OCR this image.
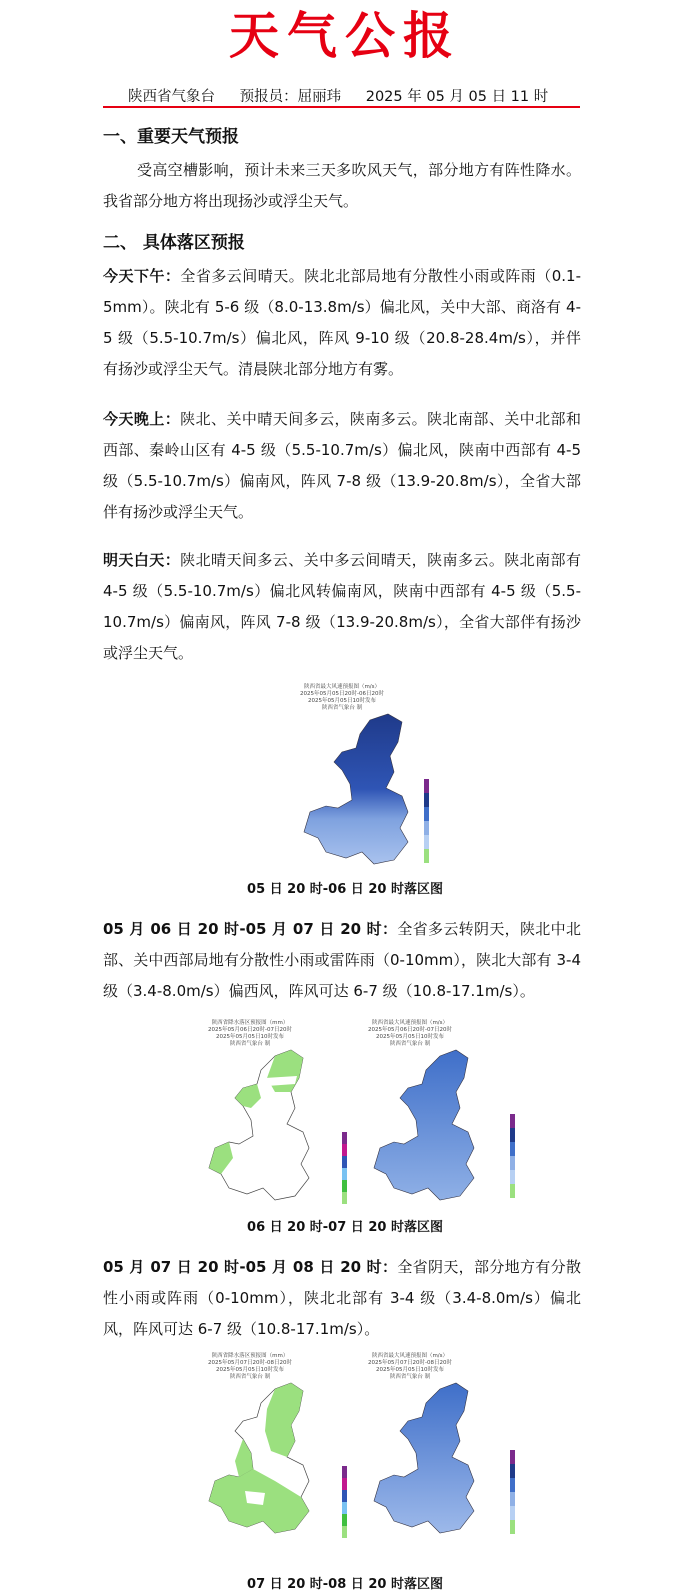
天气公报
陕西省气象台 预报员：屈丽玮 2025 年 05 月 05 日 11 时
一、重要天气预报
受高空槽影响，预计未来三天多吹风天气，部分地方有阵性降水。我省部分地方将出现扬沙或浮尘天气。
二、 具体落区预报
今天下午：全省多云间晴天。陕北北部局地有分散性小雨或阵雨（0.1-5mm）。陕北有 5-6 级（8.0-13.8m/s）偏北风，关中大部、商洛有 4-5 级（5.5-10.7m/s）偏北风，阵风 9-10 级（20.8-28.4m/s），并伴有扬沙或浮尘天气。清晨陕北部分地方有雾。
今天晚上：陕北、关中晴天间多云，陕南多云。陕北南部、关中北部和西部、秦岭山区有 4-5 级（5.5-10.7m/s）偏北风，陕南中西部有 4-5 级（5.5-10.7m/s）偏南风，阵风 7-8 级（13.9-20.8m/s），全省大部伴有扬沙或浮尘天气。
明天白天：陕北晴天间多云、关中多云间晴天，陕南多云。陕北南部有 4-5 级（5.5-10.7m/s）偏北风转偏南风，陕南中西部有 4-5 级（5.5-10.7m/s）偏南风，阵风 7-8 级（13.9-20.8m/s），全省大部伴有扬沙或浮尘天气。
陕西省最大风速预报图（m/s）
2025年05月05日20时-06日20时
2025年05月05日10时发布
陕西省气象台 制
05 日 20 时-06 日 20 时落区图
05 月 06 日 20 时-05 月 07 日 20 时：全省多云转阴天，陕北中北部、关中西部局地有分散性小雨或雷阵雨（0-10mm），陕北大部有 3-4 级（3.4-8.0m/s）偏西风，阵风可达 6-7 级（10.8-17.1m/s）。
陕西省降水落区预报图（mm）
2025年05月06日20时-07日20时
2025年05月05日10时发布
陕西省气象台 制
陕西省最大风速预报图（m/s）
2025年05月06日20时-07日20时
2025年05月05日10时发布
陕西省气象台 制
06 日 20 时-07 日 20 时落区图
05 月 07 日 20 时-05 月 08 日 20 时：全省阴天，部分地方有分散性小雨或阵雨（0-10mm），陕北北部有 3-4 级（3.4-8.0m/s）偏北风，阵风可达 6-7 级（10.8-17.1m/s）。
陕西省降水落区预报图（mm）
2025年05月07日20时-08日20时
2025年05月05日10时发布
陕西省气象台 制
陕西省最大风速预报图（m/s）
2025年05月07日20时-08日20时
2025年05月05日10时发布
陕西省气象台 制
07 日 20 时-08 日 20 时落区图
